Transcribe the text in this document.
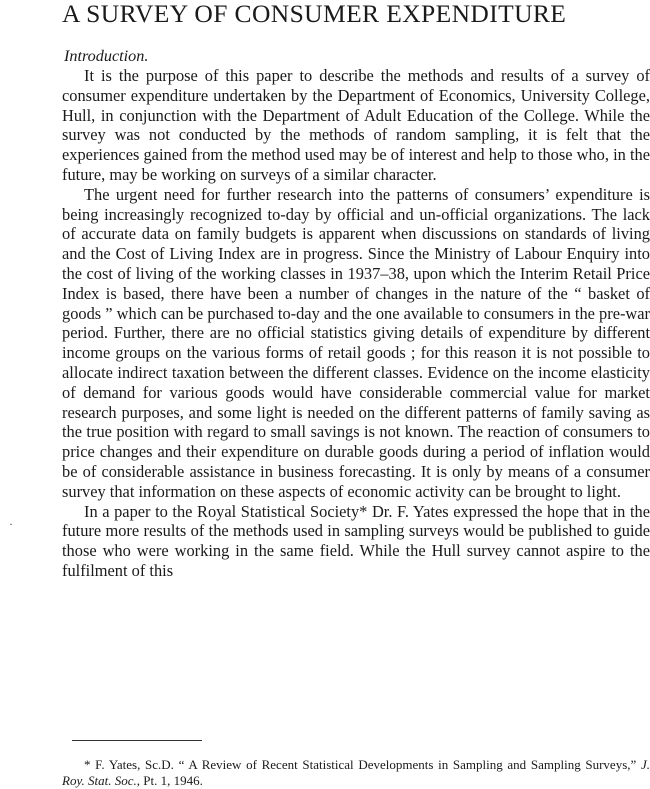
A SURVEY OF CONSUMER EXPENDITURE

Introduction.

It is the purpose of this paper to describe the methods and results of a survey of consumer expenditure undertaken by the Department of Economics, University College, Hull, in conjunction with the Department of Adult Education of the College. While the survey was not conducted by the methods of random sampling, it is felt that the experiences gained from the method used may be of interest and help to those who, in the future, may be working on surveys of a similar character.

The urgent need for further research into the patterns of consumers’ expenditure is being increasingly recognized to-day by official and un-official organizations. The lack of accurate data on family budgets is apparent when discussions on standards of living and the Cost of Living Index are in progress. Since the Ministry of Labour Enquiry into the cost of living of the working classes in 1937–38, upon which the Interim Retail Price Index is based, there have been a number of changes in the nature of the “ basket of goods ” which can be purchased to-day and the one available to consumers in the pre-war period. Further, there are no official statistics giving details of expenditure by different income groups on the various forms of retail goods ; for this reason it is not possible to allocate indirect taxation between the different classes. Evidence on the income elasticity of demand for various goods would have considerable commercial value for market research purposes, and some light is needed on the different patterns of family saving as the true position with regard to small savings is not known. The reaction of consumers to price changes and their expenditure on durable goods during a period of inflation would be of considerable assistance in business forecasting. It is only by means of a consumer survey that information on these aspects of economic activity can be brought to light.

In a paper to the Royal Statistical Society* Dr. F. Yates expressed the hope that in the future more results of the methods used in sampling surveys would be published to guide those who were working in the same field. While the Hull survey cannot aspire to the fulfilment of this

* F. Yates, Sc.D. “ A Review of Recent Statistical Developments in Sampling and Sampling Surveys,” J. Roy. Stat. Soc., Pt. 1, 1946.

·
